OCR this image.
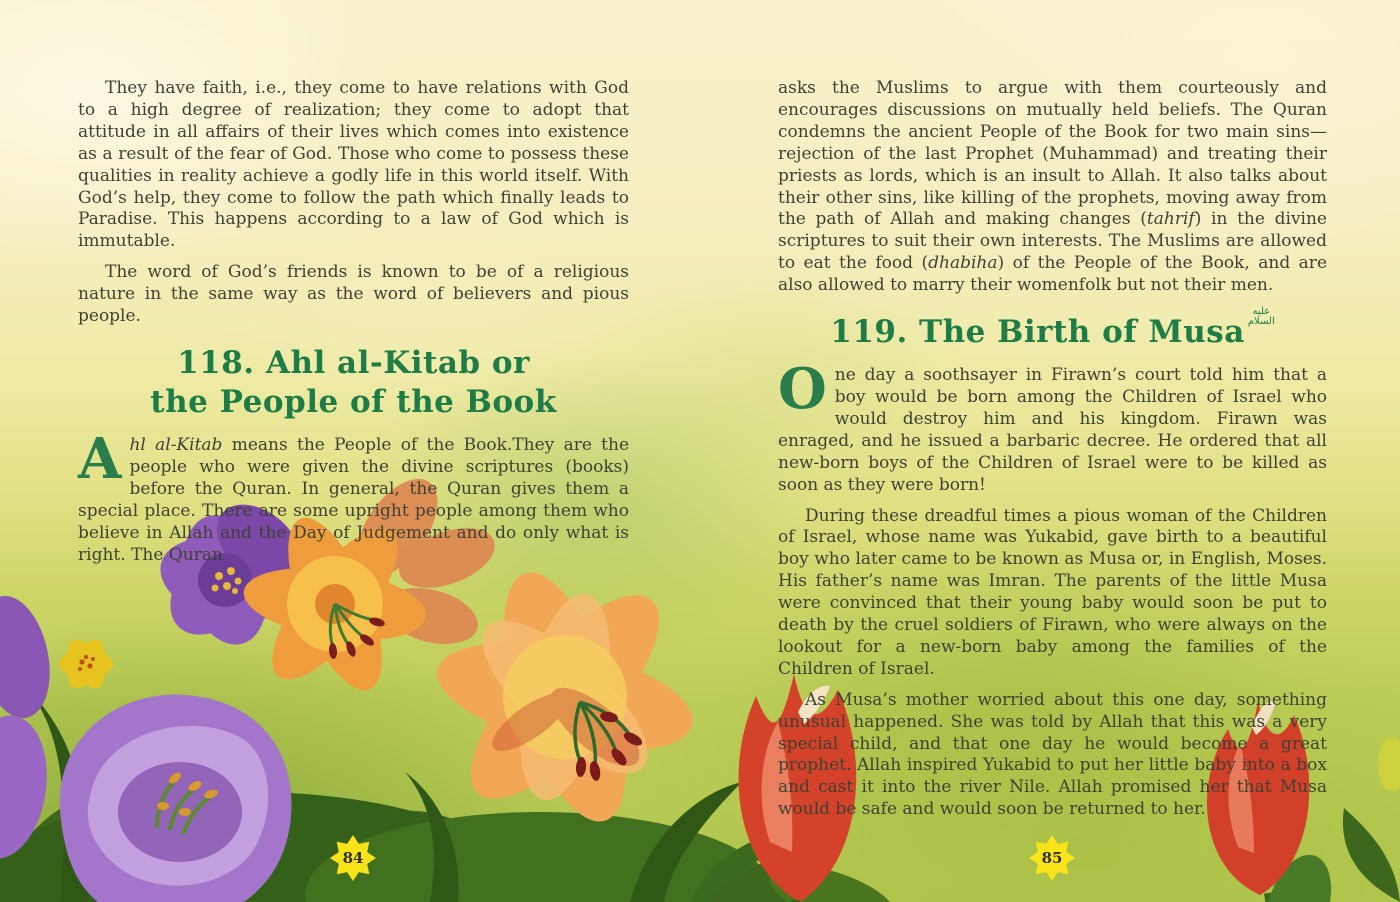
They have faith, i.e., they come to have relations with God to a high degree of realization; they come to adopt that attitude in all affairs of their lives which comes into existence as a result of the fear of God. Those who come to possess these qualities in reality achieve a godly life in this world itself. With God’s help, they come to follow the path which finally leads to Paradise. This happens according to a law of God which is immutable.

The word of God’s friends is known to be of a religious nature in the same way as the word of believers and pious people.

118. Ahl al-Kitab or
the People of the Book

Ahl al-Kitab means the People of the Book.They are the people who were given the divine scriptures (books) before the Quran. In general, the Quran gives them a special place. There are some upright people among them who believe in Allah and the Day of Judgement and do only what is right. The Quran

asks the Muslims to argue with them courteously and encourages discussions on mutually held beliefs. The Quran condemns the ancient People of the Book for two main sins—rejection of the last Prophet (Muhammad) and treating their priests as lords, which is an insult to Allah. It also talks about their other sins, like killing of the prophets, moving away from the path of Allah and making changes (tahrif) in the divine scriptures to suit their own interests. The Muslims are allowed to eat the food (dhabiha) of the People of the Book, and are also allowed to marry their womenfolk but not their men.

119. The Birth of Musa
عليه
السلام

One day a soothsayer in Firawn’s court told him that a boy would be born among the Children of Israel who would destroy him and his kingdom. Firawn was enraged, and he issued a barbaric decree. He ordered that all new-born boys of the Children of Israel were to be killed as soon as they were born!

During these dreadful times a pious woman of the Children of Israel, whose name was Yukabid, gave birth to a beautiful boy who later came to be known as Musa or, in English, Moses. His father’s name was Imran. The parents of the little Musa were convinced that their young baby would soon be put to death by the cruel soldiers of Firawn, who were always on the lookout for a new-born baby among the families of the Children of Israel.

As Musa’s mother worried about this one day, something unusual happened. She was told by Allah that this was a very special child, and that one day he would become a great prophet. Allah inspired Yukabid to put her little baby into a box and cast it into the river Nile. Allah promised her that Musa would be safe and would soon be returned to her.

84	85
